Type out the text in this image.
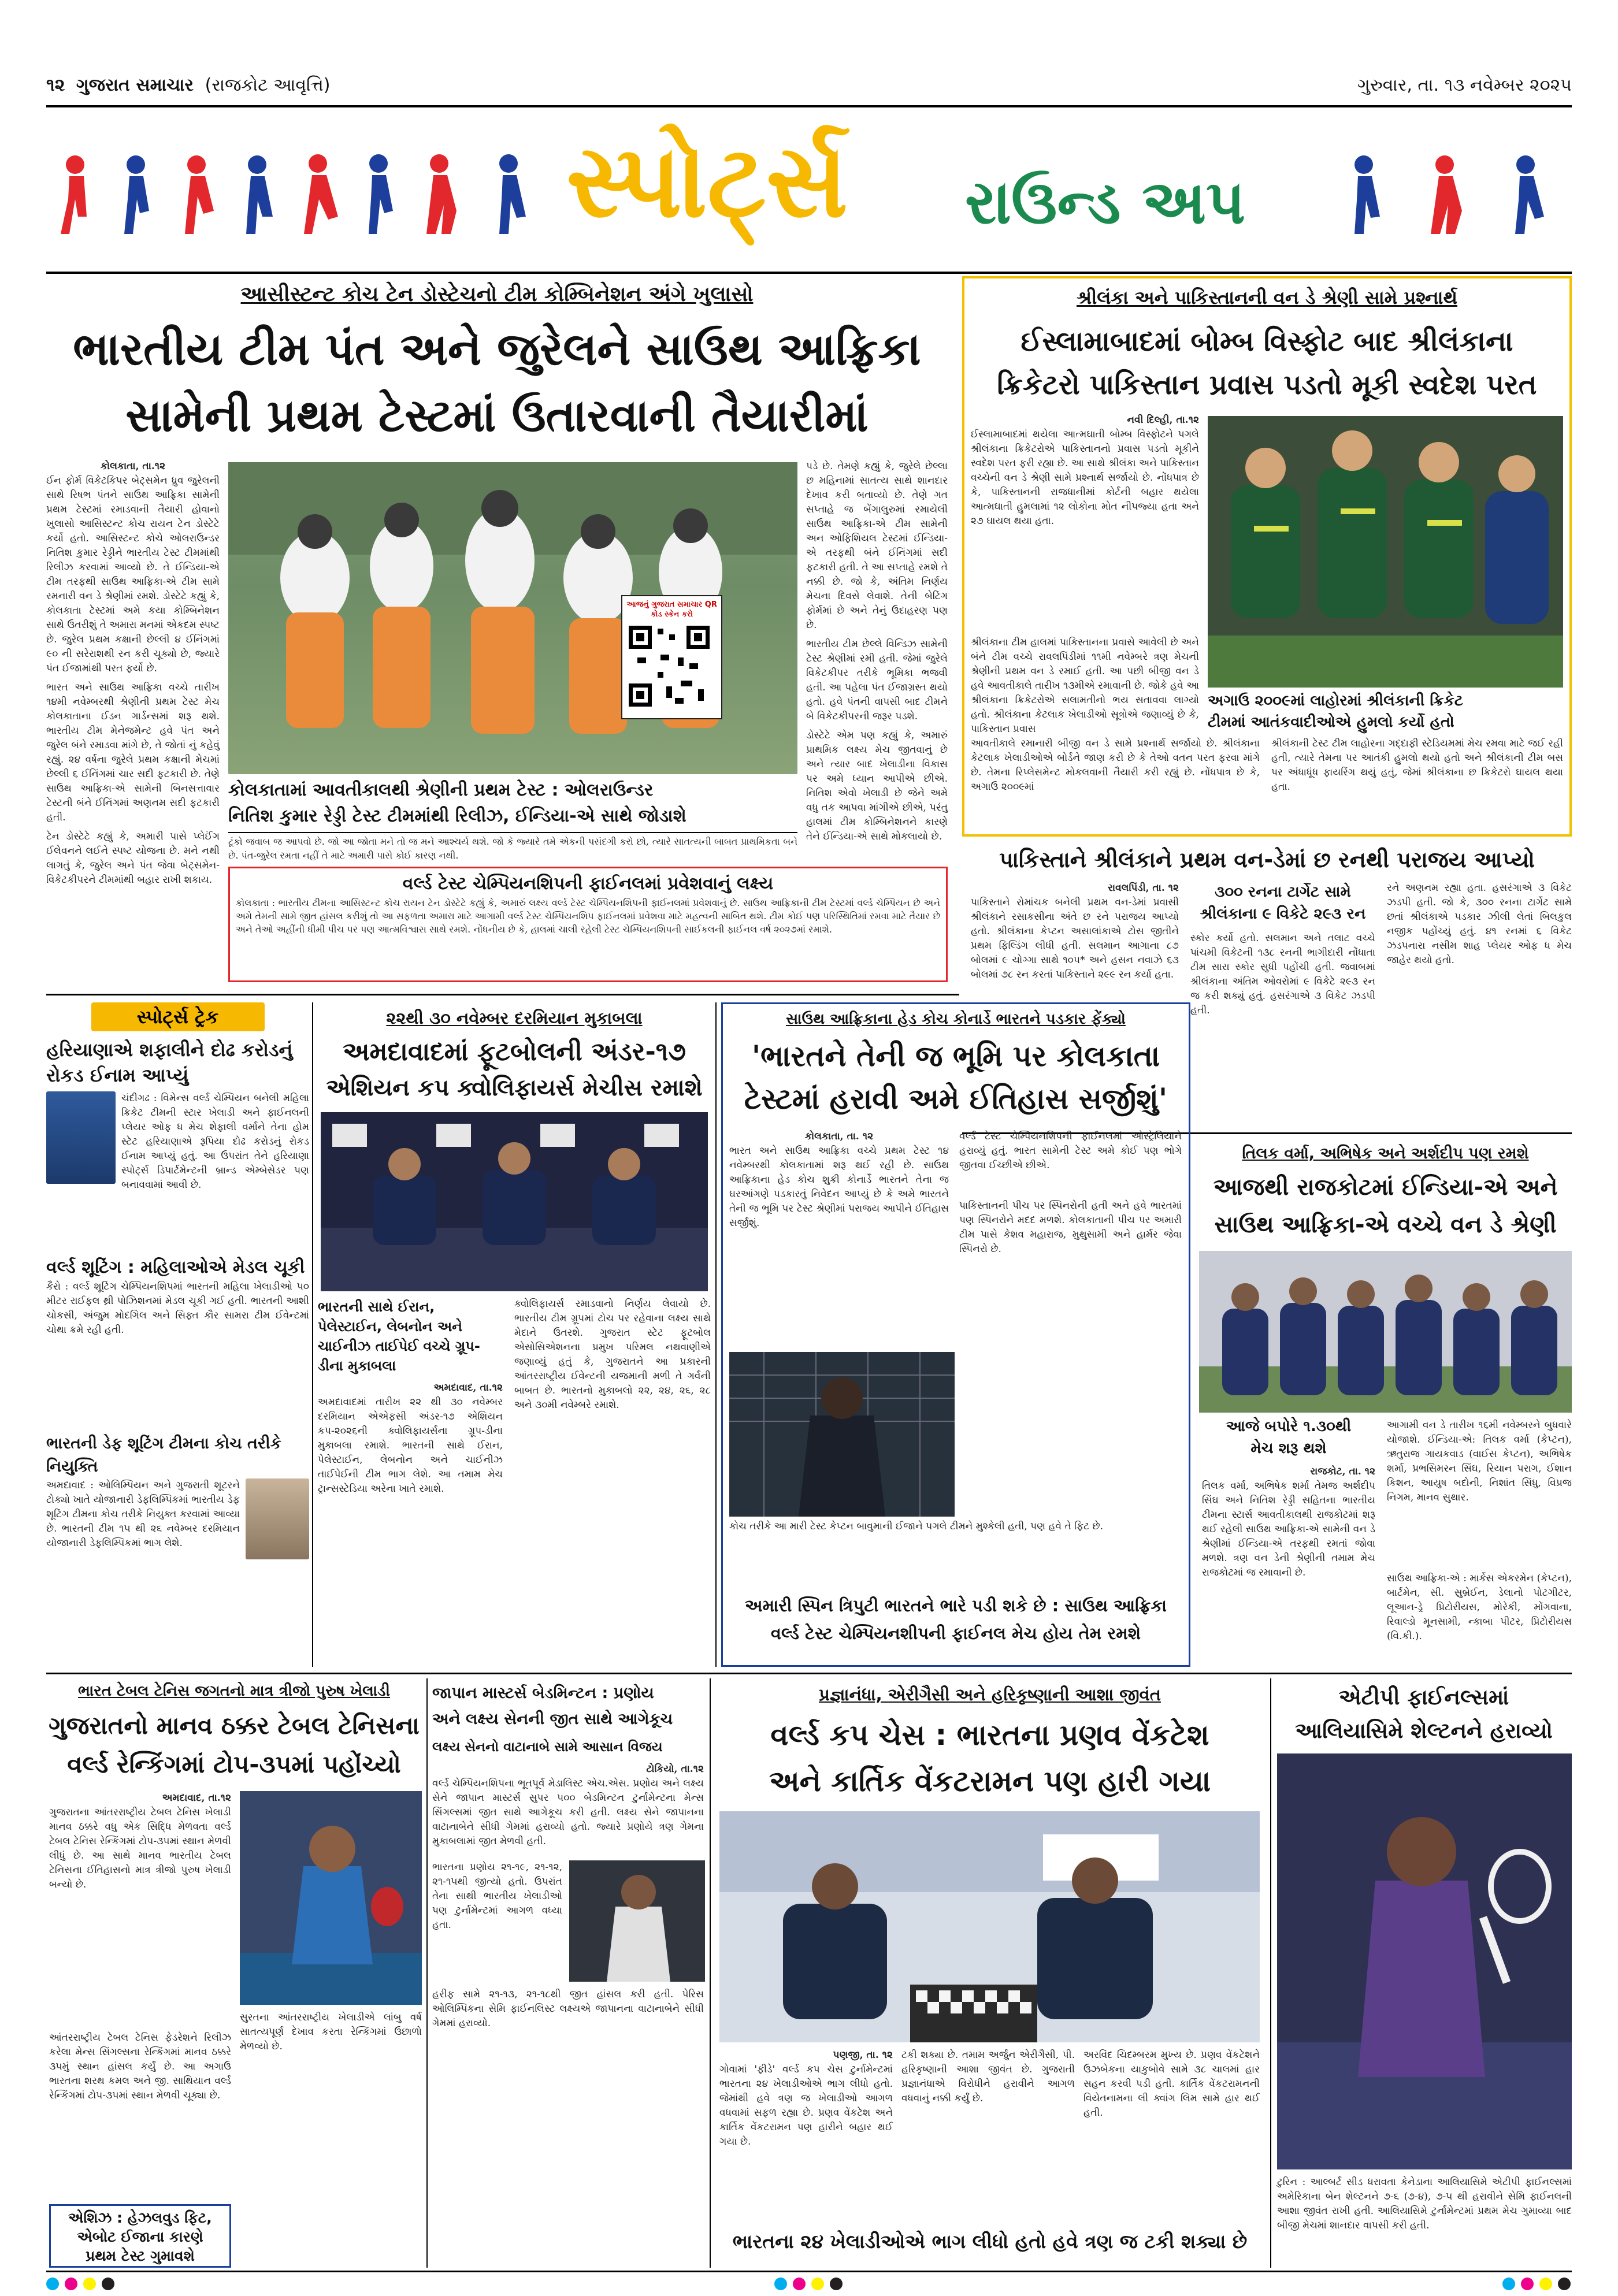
૧૨ ગુજરાત સમાચાર (રાજકોટ આવૃત્તિ)	ગુરુવાર, તા. ૧૩ નવેમ્બર ૨૦૨૫
સ્પોર્ટ્સ રાઉન્ડ અપ
આસીસ્ટન્ટ કોચ ટેન ડોસ્ટેચનો ટીમ કોમ્બિનેશન અંગે ખુલાસો
ભારતીય ટીમ પંત અને જુરેલને સાઉથ આફ્રિકા
સામેની પ્રથમ ટેસ્ટમાં ઉતારવાની તૈયારીમાં
કોલકાતા, તા.૧૨

ઈન ફોર્મ વિકેટકિપર બેટ્સમેન ધ્રુવ જુરેલની સાથે રિષભ પંતને સાઉથ આફ્રિકા સામેની પ્રથમ ટેસ્ટમાં રમાડવાની તૈયારી હોવાનો ખુલાસો આસિસ્ટન્ટ કોચ રાયન ટેન ડોસ્ટેટે કર્યો હતો. આસિસ્ટન્ટ કોચે ઓલરાઉન્ડર નિતિશ કુમાર રેડ્ડીને ભારતીય ટેસ્ટ ટીમમાંથી રિલીઝ કરવામાં આવ્યો છે. તે ઈન્ડિયા-એ ટીમ તરફથી સાઉથ આફ્રિકા-એ ટીમ સામે રમનારી વન ડે શ્રેણીમાં રમશે. ડોસ્ટેટે કહ્યું કે, કોલકાતા ટેસ્ટમાં અમે કયા કોમ્બિનેશન સાથે ઉતરીશું તે અમારા મનમાં એકદમ સ્પષ્ટ છે. જુરેલ પ્રથમ કક્ષાની છેલ્લી ૪ ઈનિંગમાં ૯૦ ની સરેરાશથી રન કરી ચૂક્યો છે, જ્યારે પંત ઈજામાંથી પરત ફર્યો છે.

ભારત અને સાઉથ આફ્રિકા વચ્ચે તારીખ ૧૪મી નવેમ્બરથી શ્રેણીની પ્રથમ ટેસ્ટ મેચ કોલકાતાના ઈડન ગાર્ડન્સમાં શરૂ થશે. ભારતીય ટીમ મેનેજમેન્ટ હવે પંત અને જુરેલ બંને રમાડવા માંગે છે, તે જોતાં નું કહેવું રહ્યું. ૨૪ વર્ષના જુરેલે પ્રથમ કક્ષાની મેચમાં છેલ્લી ૬ ઈનિંગમાં ચાર સદી ફટકારી છે. તેણે સાઉથ આફ્રિકા-એ સામેની બિનસત્તાવાર ટેસ્ટની બંને ઈનિંગમાં અણનમ સદી ફટકારી હતી.

ટેન ડોસ્ટેટે કહ્યું કે, અમારી પાસે પ્લેઈંગ ઈલેવનને લઈને સ્પષ્ટ યોજના છે. મને નથી લાગતું કે, જુરેલ અને પંત જેવા બેટ્સમેન-વિકેટકીપરને ટીમમાંથી બહાર રાખી શકાય.

આજનું ગુજરાત સમાચાર QR કોડ સ્કેન કરો
કોલકાતામાં આવતીકાલથી શ્રેણીની પ્રથમ ટેસ્ટ : ઓલરાઉન્ડર
નિતિશ કુમાર રેડ્ડી ટેસ્ટ ટીમમાંથી રિલીઝ, ઈન્ડિયા-એ સાથે જોડાશે
ટૂંકો જવાબ જ આપવો છે. જો આ જોતા મને તો જ મને આશ્ચર્ય થશે. જો કે જ્યારે તમે એકની પસંદગી કરો છો, ત્યારે સાતત્યની બાબત પ્રાથમિકતા બને છે. પંત-જુરેલ રમતા નહીં તે માટે અમારી પાસે કોઈ કારણ નથી.

પડે છે. તેમણે કહ્યું કે, જુરેલે છેલ્લા છ મહિનામાં સાતત્ય સાથે શાનદાર દેખાવ કરી બતાવ્યો છે. તેણે ગત સપ્તાહે જ બેંગાલુરુમાં રમાયેલી સાઉથ આફ્રિકા-એ ટીમ સામેની અન ઓફિશિયલ ટેસ્ટમાં ઈન્ડિયા-એ તરફથી બંને ઈનિંગમાં સદી ફટકારી હતી. તે આ સપ્તાહે રમશે તે નક્કી છે. જો કે, અંતિમ નિર્ણય મેચના દિવસે લેવાશે. તેની બેટિંગ ફોર્મમાં છે અને તેનું ઉદાહરણ પણ છે.

ભારતીય ટીમ છેલ્લે વિન્ડિઝ સામેની ટેસ્ટ શ્રેણીમાં રમી હતી. જેમાં જુરેલે વિકેટકીપર તરીકે ભૂમિકા ભજવી હતી. આ પહેલા પંત ઈજાગ્રસ્ત થયો હતો. હવે પંતની વાપસી બાદ ટીમને બે વિકેટકીપરની જરૂર પડશે.

ડોસ્ટેટે એમ પણ કહ્યું કે, અમારું પ્રાથમિક લક્ષ્ય મેચ જીતવાનું છે અને ત્યાર બાદ ખેલાડીના વિકાસ પર અમે ધ્યાન આપીએ છીએ. નિતિશ એવો ખેલાડી છે જેને અમે વધુ તક આપવા માંગીએ છીએ, પરંતુ હાલમાં ટીમ કોમ્બિનેશનને કારણે તેને ઈન્ડિયા-એ સાથે મોકલાયો છે.

વર્લ્ડ ટેસ્ટ ચેમ્પિયનશિપની ફાઈનલમાં પ્રવેશવાનું લક્ષ્ય
કોલકાતા : ભારતીય ટીમના આસિસ્ટન્ટ કોચ રાયન ટેન ડોસ્ટેટે કહ્યું કે, અમારું લક્ષ્ય વર્લ્ડ ટેસ્ટ ચેમ્પિયનશિપની ફાઈનલમાં પ્રવેશવાનું છે. સાઉથ આફ્રિકાની ટીમ ટેસ્ટમાં વર્લ્ડ ચેમ્પિયન છે અને અમે તેમની સામે જીત હાંસલ કરીશું તો આ સફળતા અમારા માટે આગામી વર્લ્ડ ટેસ્ટ ચેમ્પિયનશિપ ફાઈનલમાં પ્રવેશવા માટે મહત્વની સાબિત થશે. ટીમ કોઈ પણ પરિસ્થિતિમાં રમવા માટે તૈયાર છે અને તેઓ અહીંની ધીમી પીચ પર પણ આત્મવિશ્વાસ સાથે રમશે. નોંધનીય છે કે, હાલમાં ચાલી રહેલી ટેસ્ટ ચેમ્પિયનશિપની સાઈકલની ફાઈનલ વર્ષ ૨૦૨૭માં રમાશે.
શ્રીલંકા અને પાકિસ્તાનની વન ડે શ્રેણી સામે પ્રશ્નાર્થ
ઈસ્લામાબાદમાં બોમ્બ વિસ્ફોટ બાદ શ્રીલંકાના
ક્રિકેટરો પાકિસ્તાન પ્રવાસ પડતો મૂકી સ્વદેશ પરત
નવી દિલ્હી, તા.૧૨

ઈસ્લામાબાદમાં થયેલા આત્મઘાતી બોમ્બ વિસ્ફોટને પગલે શ્રીલંકાના ક્રિકેટરોએ પાકિસ્તાનનો પ્રવાસ પડતો મૂકીને સ્વદેશ પરત ફરી રહ્યા છે. આ સાથે શ્રીલંકા અને પાકિસ્તાન વચ્ચેની વન ડે શ્રેણી સામે પ્રશ્નાર્થ સર્જાયો છે. નોંધપાત્ર છે કે, પાકિસ્તાનની રાજધાનીમાં કોર્ટની બહાર થયેલા આત્મઘાતી હુમલામાં ૧૨ લોકોના મોત નીપજ્યા હતા અને ૨૭ ઘાયલ થયા હતા.

અગાઉ ૨૦૦૯માં લાહોરમાં શ્રીલંકાની ક્રિકેટ
ટીમમાં આતંકવાદીઓએ હુમલો કર્યો હતો
શ્રીલંકાના ટીમ હાલમાં પાકિસ્તાનના પ્રવાસે આવેલી છે અને બંને ટીમ વચ્ચે રાવલપિંડીમાં ૧૧મી નવેમ્બરે ત્રણ મેચની શ્રેણીની પ્રથમ વન ડે રમાઈ હતી. આ પછી બીજી વન ડે હવે આવતીકાલે તારીખ ૧૩મીએ રમાવાની છે. જોકે હવે આ શ્રીલંકાના ક્રિકેટરોએ સલામતીનો ભય સતાવવા લાગ્યો હતો. શ્રીલંકાના કેટલાક ખેલાડીઓ સૂત્રોએ જણાવ્યું છે કે, પાકિસ્તાન પ્રવાસ
આવતીકાલે રમાનારી બીજી વન ડે સામે પ્રશ્નાર્થ સર્જાયો છે. શ્રીલંકાના કેટલાક ખેલાડીઓએ બોર્ડને જાણ કરી છે કે તેઓ વતન પરત ફરવા માંગે છે. તેમના રિપ્લેસમેન્ટ મોકલવાની તૈયારી કરી રહ્યું છે. નોંધપાત્ર છે કે, અગાઉ ૨૦૦૯માં
શ્રીલંકાની ટેસ્ટ ટીમ લાહોરના ગદ્દાફી સ્ટેડિયમમાં મેચ રમવા માટે જઈ રહી હતી, ત્યારે તેમના પર આતંકી હુમલો થયો હતો અને શ્રીલંકાની ટીમ બસ પર અંધાધૂંધ ફાયરિંગ થયું હતું, જેમાં શ્રીલંકાના છ ક્રિકેટરો ઘાયલ થયા હતા.
પાકિસ્તાને શ્રીલંકાને પ્રથમ વન-ડેમાં છ રનથી પરાજય આપ્યો
રાવલપિંડી, તા. ૧૨

પાકિસ્તાને રોમાંચક બનેલી પ્રથમ વન-ડેમાં પ્રવાસી શ્રીલંકાને રસાકસીના અંતે છ રને પરાજય આપ્યો હતો. શ્રીલંકાના કેપ્ટન અસાલાંકાએ ટોસ જીતીને પ્રથમ ફિલ્ડિંગ લીધી હતી. સલમાન આગાના ૮૭ બોલમાં ૯ ચોગ્ગા સાથે ૧૦૫* અને હસન નવાઝે ૬૩ બોલમાં ૭૮ રન કરતાં પાકિસ્તાને ૨૯૯ રન કર્યા હતા.

૩૦૦ રનના ટાર્ગેટ સામે
શ્રીલંકાના ૯ વિકેટે ૨૯૩ રન
સ્કોર કર્યો હતો. સલમાન અને તલાટ વચ્ચે પાંચમી વિકેટની ૧૩૮ રનની ભાગીદારી નોંધાતા ટીમ સારા સ્કોર સુધી પહોંચી હતી. જવાબમાં શ્રીલંકાના અંતિમ ઓવરોમાં ૯ વિકેટે ૨૯૩ રન જ કરી શક્યું હતું. હસરંગાએ ૩ વિકેટ ઝડપી હતી.
રને અણનમ રહ્યા હતા. હસરંગાએ ૩ વિકેટ ઝડપી હતી. જો કે, ૩૦૦ રનના ટાર્ગેટ સામે છતાં શ્રીલંકાએ પડકાર ઝીલી લેતાં બિલકુલ નજીક પહોંચ્યું હતું. ૪૧ રનમાં ૬ વિકેટ ઝડપનારા નસીમ શાહ પ્લેયર ઓફ ધ મેચ જાહેર થયો હતો.
સ્પોર્ટ્સ ટ્રેક
હરિયાણાએ શફાલીને દોઢ કરોડનું રોકડ ઈનામ આપ્યું
ચંદીગઢ : વિમેન્સ વર્લ્ડ ચેમ્પિયન બનેલી મહિલા ક્રિકેટ ટીમની સ્ટાર ખેલાડી અને ફાઈનલની પ્લેયર ઓફ ધ મેચ શેફાલી વર્માને તેના હોમ સ્ટેટ હરિયાણાએ રૂપિયા દોઢ કરોડનું રોકડ ઈનામ આપ્યું હતું. આ ઉપરાંત તેને હરિયાણા સ્પોર્ટ્સ ડિપાર્ટમેન્ટની બ્રાન્ડ એમ્બેસેડર પણ બનાવવામાં આવી છે.
વર્લ્ડ શૂટિંગ : મહિલાઓએ મેડલ ચૂકી
કૈરો : વર્લ્ડ શૂટિંગ ચેમ્પિયનશિપમાં ભારતની મહિલા ખેલાડીઓ ૫૦ મીટર રાઈફલ થ્રી પોઝિશનમાં મેડલ ચૂકી ગઈ હતી. ભારતની આશી ચોકસી, અંજુમ મોદગિલ અને સિફ્ત કૌર સામરા ટીમ ઈવેન્ટમાં ચોથા ક્રમે રહી હતી.
ભારતની ડેફ શૂટિંગ ટીમના કોચ તરીકે નિયુક્તિ
અમદાવાદ : ઓલિમ્પિયન અને ગુજરાતી શૂટરને ટોક્યો ખાતે યોજાનારી ડેફલિમ્પિકમાં ભારતીય ડેફ શૂટિંગ ટીમના કોચ તરીકે નિયુક્ત કરવામાં આવ્યા છે. ભારતની ટીમ ૧૫ થી ૨૬ નવેમ્બર દરમિયાન યોજાનારી ડેફલિમ્પિકમાં ભાગ લેશે.
૨૨થી ૩૦ નવેમ્બર દરમિયાન મુકાબલા
અમદાવાદમાં ફૂટબોલની અંડર-૧૭
એશિયન કપ ક્વોલિફાયર્સ મેચીસ રમાશે
ભારતની સાથે ઈરાન, પેલેસ્ટાઈન, લેબનોન અને ચાઈનીઝ તાઈપેઈ વચ્ચે ગ્રૂપ-ડીના મુકાબલા
અમદાવાદ, તા.૧૨

અમદાવાદમાં તારીખ ૨૨ થી ૩૦ નવેમ્બર દરમિયાન એએફસી અંડર-૧૭ એશિયન કપ-૨૦૨૬ની ક્વોલિફાયર્સના ગ્રૂપ-ડીના મુકાબલા રમાશે. ભારતની સાથે ઈરાન, પેલેસ્ટાઈન, લેબનોન અને ચાઈનીઝ તાઈપેઈની ટીમ ભાગ લેશે. આ તમામ મેચ ટ્રાન્સસ્ટેડિયા અરેના ખાતે રમાશે.

ક્વોલિફાયર્સ રમાડવાનો નિર્ણય લેવાયો છે. ભારતીય ટીમ ગ્રૂપમાં ટોચ પર રહેવાના લક્ષ્ય સાથે મેદાને ઉતરશે. ગુજરાત સ્ટેટ ફૂટબોલ એસોસિએશનના પ્રમુખ પરિમલ નથવાણીએ જણાવ્યું હતું કે, ગુજરાતને આ પ્રકારની આંતરરાષ્ટ્રીય ઈવેન્ટની યજમાની મળી તે ગર્વની બાબત છે. ભારતનો મુકાબલો ૨૨, ૨૪, ૨૬, ૨૮ અને ૩૦મી નવેમ્બરે રમાશે.
સાઉથ આફ્રિકાના હેડ કોચ કોનાર્ડે ભારતને પડકાર ફેંક્યો
'ભારતને તેની જ ભૂમિ પર કોલકાતા
ટેસ્ટમાં હરાવી અમે ઈતિહાસ સર્જીશું'
કોલકાતા, તા. ૧૨

ભારત અને સાઉથ આફ્રિકા વચ્ચે પ્રથમ ટેસ્ટ ૧૪ નવેમ્બરથી કોલકાતામાં શરૂ થઈ રહી છે. સાઉથ આફ્રિકાના હેડ કોચ શુક્રી કોનાર્ડે ભારતને તેના જ ઘરઆંગણે પડકારતું નિવેદન આપ્યું છે કે અમે ભારતને તેની જ ભૂમિ પર ટેસ્ટ શ્રેણીમાં પરાજય આપીને ઈતિહાસ સર્જીશું.

વર્લ્ડ ટેસ્ટ ચેમ્પિયનશિપની ફાઈનલમાં ઓસ્ટ્રેલિયાને હરાવ્યું હતું. ભારત સામેની ટેસ્ટ અમે કોઈ પણ ભોગે જીતવા ઈચ્છીએ છીએ.
પાકિસ્તાનની પીચ પર સ્પિનરોની હતી અને હવે ભારતમાં પણ સ્પિનરોને મદદ મળશે. કોલકાતાની પીચ પર અમારી ટીમ પાસે કેશવ મહારાજ, મુથુસામી અને હાર્મર જેવા સ્પિનરો છે.
કોચ તરીકે આ મારી ટેસ્ટ કેપ્ટન બાવુમાની ઈજાને પગલે ટીમને મુશ્કેલી હતી, પણ હવે તે ફિટ છે.
અમારી સ્પિન ત્રિપુટી ભારતને ભારે પડી શકે છે : સાઉથ આફ્રિકા
વર્લ્ડ ટેસ્ટ ચેમ્પિયનશીપની ફાઈનલ મેચ હોય તેમ રમશે
તિલક વર્મા, અભિષેક અને અર્શદીપ પણ રમશે
આજથી રાજકોટમાં ઈન્ડિયા-એ અને
સાઉથ આફ્રિકા-એ વચ્ચે વન ડે શ્રેણી
આજે બપોરે ૧.૩૦થી
મેચ શરૂ થશે
રાજકોટ, તા. ૧૨

તિલક વર્મા, અભિષેક શર્મા તેમજ અર્શદીપ સિંઘ અને નિતિશ રેડ્ડી સહિતના ભારતીય ટીમના સ્ટાર્સ આવતીકાલથી રાજકોટમાં શરૂ થઈ રહેલી સાઉથ આફ્રિકા-એ સામેની વન ડે શ્રેણીમાં ઈન્ડિયા-એ તરફથી રમતાં જોવા મળશે. ત્રણ વન ડેની શ્રેણીની તમામ મેચ રાજકોટમાં જ રમાવાની છે.

આગામી વન ડે તારીખ ૧૬મી નવેમ્બરને બુધવારે યોજાશે. ઈન્ડિયા-એ: તિલક વર્મા (કેપ્ટન), ઋતુરાજ ગાયકવાડ (વાઈસ કેપ્ટન), અભિષેક શર્મા, પ્રભસિમરન સિંઘ, રિયાન પરાગ, ઈશાન કિશન, આયુષ બદોની, નિશાંત સિંધુ, વિપ્રજ નિગમ, માનવ સુથાર.
સાઉથ આફ્રિકા-એ : માર્કેસ એકરમેન (કેપ્ટન), બાર્ટમેન, સી. સુબ્રેઈન, ડેલાનો પોટગીટર, લૂઆન-ડ્રે પ્રિટોરીયસ, મોરેકી, મોંગવાના, રિવાલ્ડો મૂનસામી, ન્કાબા પીટર, પ્રિટોરીયસ (વિ.કી.).
ભારત ટેબલ ટેનિસ જગતનો માત્ર ત્રીજો પુરુષ ખેલાડી
ગુજરાતનો માનવ ઠક્કર ટેબલ ટેનિસના
વર્લ્ડ રેન્કિંગમાં ટોપ-૩૫માં પહોંચ્યો
અમદાવાદ, તા.૧૨

ગુજરાતના આંતરરાષ્ટ્રીય ટેબલ ટેનિસ ખેલાડી માનવ ઠક્કરે વધુ એક સિદ્ધિ મેળવતા વર્લ્ડ ટેબલ ટેનિસ રેન્કિંગમાં ટોપ-૩૫માં સ્થાન મેળવી લીધું છે. આ સાથે માનવ ભારતીય ટેબલ ટેનિસના ઈતિહાસનો માત્ર ત્રીજો પુરુષ ખેલાડી બન્યો છે.

આંતરરાષ્ટ્રીય ટેબલ ટેનિસ ફેડરેશને રિલીઝ કરેલા મેન્સ સિંગલ્સના રેન્કિંગમાં માનવ ઠક્કરે ૩૫મું સ્થાન હાંસલ કર્યું છે. આ અગાઉ ભારતના શરથ કમલ અને જી. સાથિયાન વર્લ્ડ રેન્કિંગમાં ટોપ-૩૫માં સ્થાન મેળવી ચૂક્યા છે.
સુરતના આંતરરાષ્ટ્રીય ખેલાડીએ લાંબુ વર્ષ સાતત્યપૂર્ણ દેખાવ કરતા રેન્કિંગમાં ઉછાળો મેળવ્યો છે.
એશિઝ : હેઝલવુડ ફિટ,
એબોટ ઈજાના કારણે
પ્રથમ ટેસ્ટ ગુમાવશે
જાપાન માસ્ટર્સ બેડમિન્ટન : પ્રણોય
અને લક્ષ્ય સેનની જીત સાથે આગેકૂચ
લક્ષ્ય સેનનો વાટાનાબે સામે આસાન વિજય
ટોકિયો, તા.૧૨

વર્લ્ડ ચેમ્પિયનશિપના ભૂતપૂર્વ મેડાલિસ્ટ એચ.એસ. પ્રણોય અને લક્ષ્ય સેને જાપાન માસ્ટર્સ સુપર ૫૦૦ બેડમિન્ટન ટુર્નામેન્ટના મેન્સ સિંગલ્સમાં જીત સાથે આગેકૂચ કરી હતી. લક્ષ્ય સેને જાપાનના વાટાનાબેને સીધી ગેમમાં હરાવ્યો હતો. જ્યારે પ્રણોયે ત્રણ ગેમના મુકાબલામાં જીત મેળવી હતી.

ભારતના પ્રણોય ૨૧-૧૯, ૨૧-૧૨, ૨૧-૧૫થી જીત્યો હતો. ઉપરાંત તેના સાથી ભારતીય ખેલાડીઓ પણ ટુર્નામેન્ટમાં આગળ વધ્યા હતા.
હરીફ સામે ૨૧-૧૩, ૨૧-૧૮થી જીત હાંસલ કરી હતી. પેરિસ ઓલિમ્પિકના સેમિ ફાઈનલિસ્ટ લક્ષ્યએ જાપાનના વાટાનાબેને સીધી ગેમમાં હરાવ્યો.
પ્રજ્ઞાનંધા, એરીગૈસી અને હરિકૃષ્ણાની આશા જીવંત
વર્લ્ડ કપ ચેસ : ભારતના પ્રણવ વેંકટેશ
અને કાર્તિક વેંકટરામન પણ હારી ગયા
પણજી, તા. ૧૨

ગોવામાં 'ફીડે' વર્લ્ડ કપ ચેસ ટુર્નામેન્ટમાં ભારતના ૨૪ ખેલાડીઓએ ભાગ લીધો હતો. જેમાંથી હવે ત્રણ જ ખેલાડીઓ આગળ વધવામાં સફળ રહ્યા છે. પ્રણવ વેંકટેશ અને કાર્તિક વેંકટરામન પણ હારીને બહાર થઈ ગયા છે.

ટકી શક્યા છે. તમામ અર્જુન એરીગૈસી, પી. હરિકૃષ્ણાની આશા જીવંત છે. ગુજરાતી પ્રજ્ઞાનંધાએ વિરોધીને હરાવીને આગળ વધવાનું નક્કી કર્યું છે.
અરવિંદ ચિદમ્બરમ મુખ્ય છે. પ્રણવ વેંકટેશને ઉઝબેકના યાકુબોવે સામે ૩૮ ચાલમાં હાર સહન કરવી પડી હતી. કાર્તિક વેંકટરામનની વિયેતનામના લી ક્વાંગ લિમ સામે હાર થઈ હતી.
ભારતના ૨૪ ખેલાડીઓએ ભાગ લીધો હતો હવે ત્રણ જ ટકી શક્યા છે
એટીપી ફાઈનલ્સમાં
આલિયાસિમે શેલ્ટનને હરાવ્યો
ટુરિન : આલ્બર્ટ સીડ ધરાવતા કેનેડાના આલિયાસિમે એટીપી ફાઈનલ્સમાં અમેરિકાના બેન શેલ્ટનને ૭-૬ (૭-૪), ૭-૫ થી હરાવીને સેમિ ફાઈનલની આશા જીવંત રાખી હતી. આલિયાસિમે ટુર્નામેન્ટમાં પ્રથમ મેચ ગુમાવ્યા બાદ બીજી મેચમાં શાનદાર વાપસી કરી હતી.
